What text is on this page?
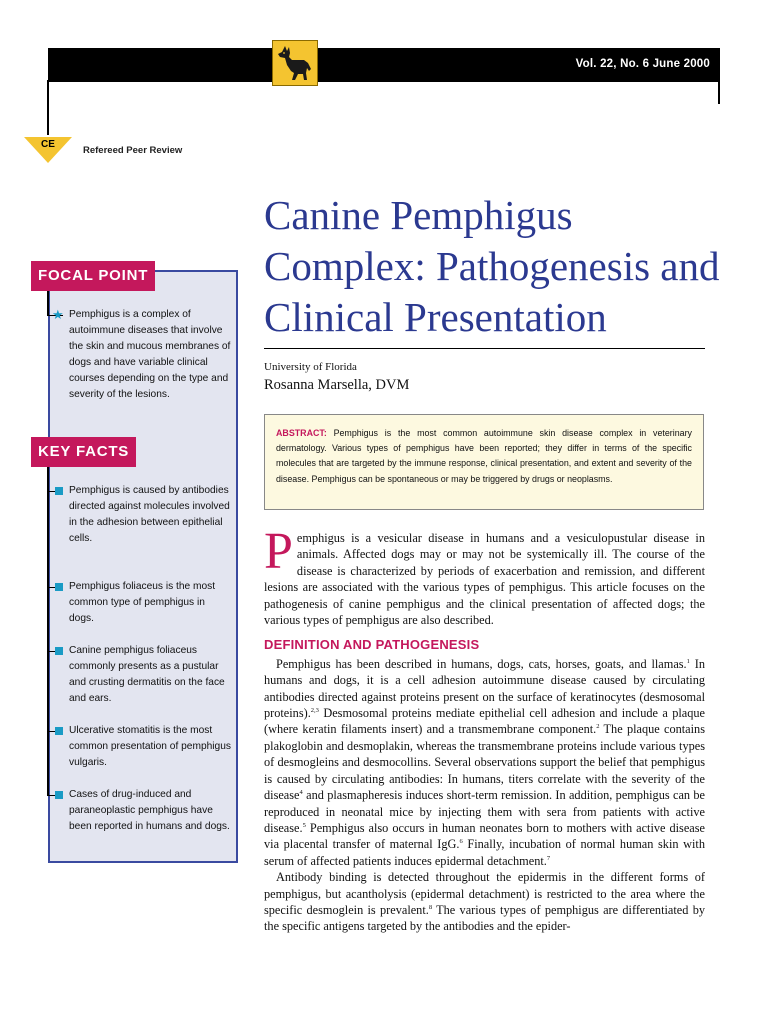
Vol. 22, No. 6 June 2000
CE
Refereed Peer Review
FOCAL POINT
★ Pemphigus is a complex of autoimmune diseases that involve the skin and mucous membranes of dogs and have variable clinical courses depending on the type and severity of the lesions.
KEY FACTS
Pemphigus is caused by antibodies directed against molecules involved in the adhesion between epithelial cells.
Pemphigus foliaceus is the most common type of pemphigus in dogs.
Canine pemphigus foliaceus commonly presents as a pustular and crusting dermatitis on the face and ears.
Ulcerative stomatitis is the most common presentation of pemphigus vulgaris.
Cases of drug-induced and paraneoplastic pemphigus have been reported in humans and dogs.
Canine Pemphigus Complex: Pathogenesis and Clinical Presentation
University of Florida
Rosanna Marsella, DVM

ABSTRACT: Pemphigus is the most common autoimmune skin disease complex in veterinary dermatology. Various types of pemphigus have been reported; they differ in terms of the specific molecules that are targeted by the immune response, clinical presentation, and extent and severity of the disease. Pemphigus can be spontaneous or may be triggered by drugs or neoplasms.

Pemphigus is a vesicular disease in humans and a vesiculopustular disease in animals. Affected dogs may or may not be systemically ill. The course of the disease is characterized by periods of exacerbation and remission, and different lesions are associated with the various types of pemphigus. This article focuses on the pathogenesis of canine pemphigus and the clinical presentation of affected dogs; the various types of pemphigus are also described.

DEFINITION AND PATHOGENESIS

Pemphigus has been described in humans, dogs, cats, horses, goats, and llamas.$^1$ In humans and dogs, it is a cell adhesion autoimmune disease caused by circulating antibodies directed against proteins present on the surface of keratinocytes (desmosomal proteins).$^{2,3}$ Desmosomal proteins mediate epithelial cell adhesion and include a plaque (where keratin filaments insert) and a transmembrane component.$^2$ The plaque contains plakoglobin and desmoplakin, whereas the transmembrane proteins include various types of desmogleins and desmocollins. Several observations support the belief that pemphigus is caused by circulating antibodies: In humans, titers correlate with the severity of the disease$^4$ and plasmapheresis induces short-term remission. In addition, pemphigus can be reproduced in neonatal mice by injecting them with sera from patients with active disease.$^5$ Pemphigus also occurs in human neonates born to mothers with active disease via placental transfer of maternal IgG.$^6$ Finally, incubation of normal human skin with serum of affected patients induces epidermal detachment.$^7$

Antibody binding is detected throughout the epidermis in the different forms of pemphigus, but acantholysis (epidermal detachment) is restricted to the area where the specific desmoglein is prevalent.$^8$ The various types of pemphigus are differentiated by the specific antigens targeted by the antibodies and the epider-
